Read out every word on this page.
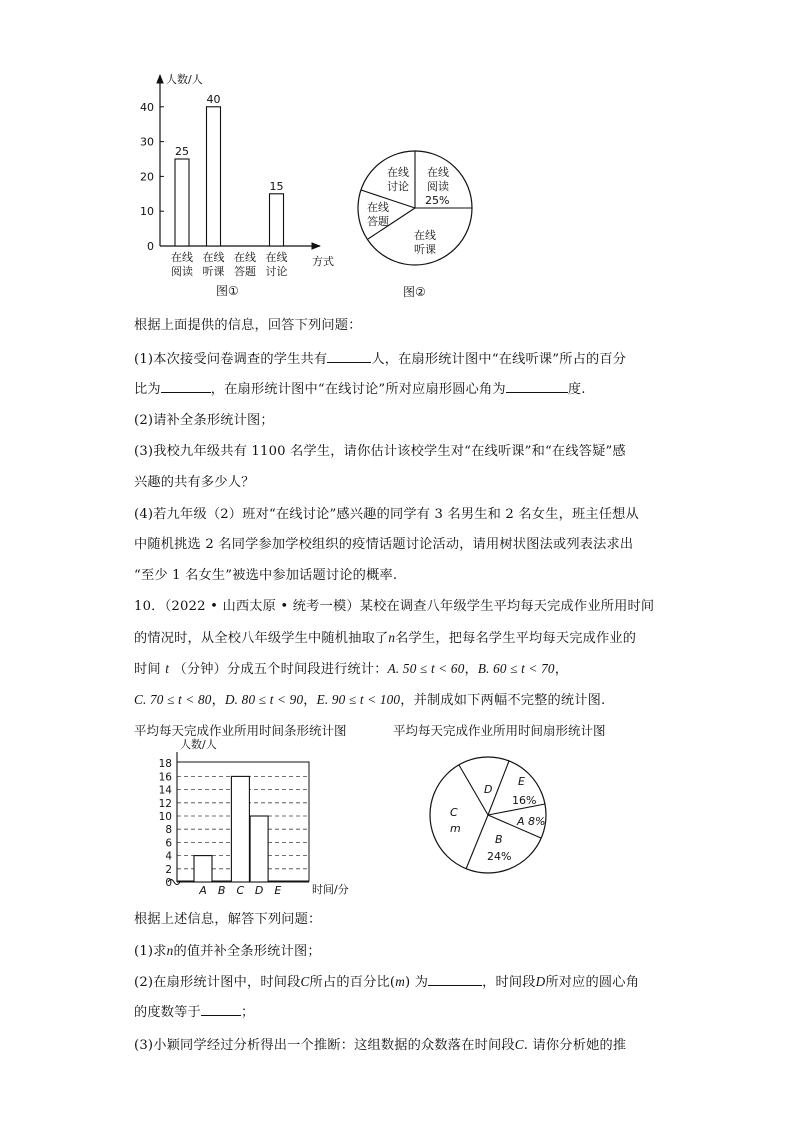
人数/人
方式
0
10
20
30
40
25
40
15
在线
阅读
在线
听课
在线
答题
在线
讨论
图①
在线
阅读
25%
在线
听课
在线
答题
在线
讨论
图②
根据上面提供的信息，回答下列问题：
(1)本次接受问卷调查的学生共有	人，在扇形统计图中“在线听课”所占的百分
比为	，在扇形统计图中“在线讨论”所对应扇形圆心角为	度.
(2)请补全条形统计图；
(3)我校九年级共有 1100 名学生，请你估计该校学生对“在线听课”和“在线答疑”感
兴趣的共有多少人？
(4)若九年级（2）班对“在线讨论”感兴趣的同学有 3 名男生和 2 名女生，班主任想从
中随机挑选 2 名同学参加学校组织的疫情话题讨论活动，请用树状图法或列表法求出
“至少 1 名女生”被选中参加话题讨论的概率.
10．（2022 • 山西太原 • 统考一模）某校在调查八年级学生平均每天完成作业所用时间
的情况时，从全校八年级学生中随机抽取了n名学生，把每名学生平均每天完成作业的
时间 t （分钟）分成五个时间段进行统计：A. 50 ≤ t < 60，B. 60 ≤ t < 70，
C. 70 ≤ t < 80，D. 80 ≤ t < 90，E. 90 ≤ t < 100，并制成如下两幅不完整的统计图.
平均每天完成作业所用时间条形统计图	平均每天完成作业所用时间扇形统计图
人数/人
0
2
4
6
8
10
12
14
16
18
A B C D E	时间/分
E
16%
A 8%
B
24%
C
m
D
根据上述信息，解答下列问题：
(1)求n的值并补全条形统计图；
(2)在扇形统计图中，时间段C所占的百分比(m) 为	，时间段D所对应的圆心角
的度数等于	；
(3)小颖同学经过分析得出一个推断：这组数据的众数落在时间段C. 请你分析她的推
